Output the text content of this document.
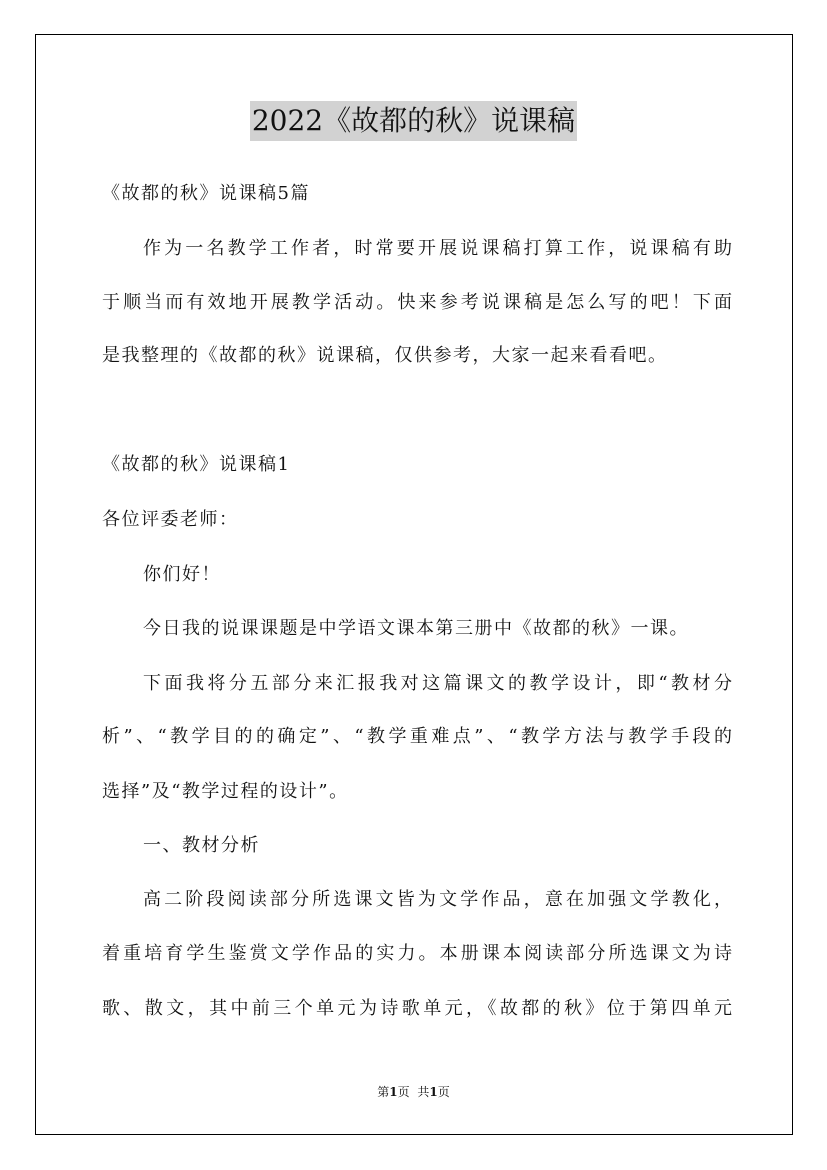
2022《故都的秋》说课稿
《故都的秋》说课稿5篇
作为一名教学工作者，时常要开展说课稿打算工作，说课稿有助
于顺当而有效地开展教学活动。快来参考说课稿是怎么写的吧！下面
是我整理的《故都的秋》说课稿，仅供参考，大家一起来看看吧。
《故都的秋》说课稿1
各位评委老师：
你们好！
今日我的说课课题是中学语文课本第三册中《故都的秋》一课。
下面我将分五部分来汇报我对这篇课文的教学设计，即“教材分
析”、“教学目的的确定”、“教学重难点”、“教学方法与教学手段的
选择”及“教学过程的设计”。
一、教材分析
高二阶段阅读部分所选课文皆为文学作品，意在加强文学教化，
着重培育学生鉴赏文学作品的实力。本册课本阅读部分所选课文为诗
歌、散文，其中前三个单元为诗歌单元，《故都的秋》位于第四单元
第1页 共1页
